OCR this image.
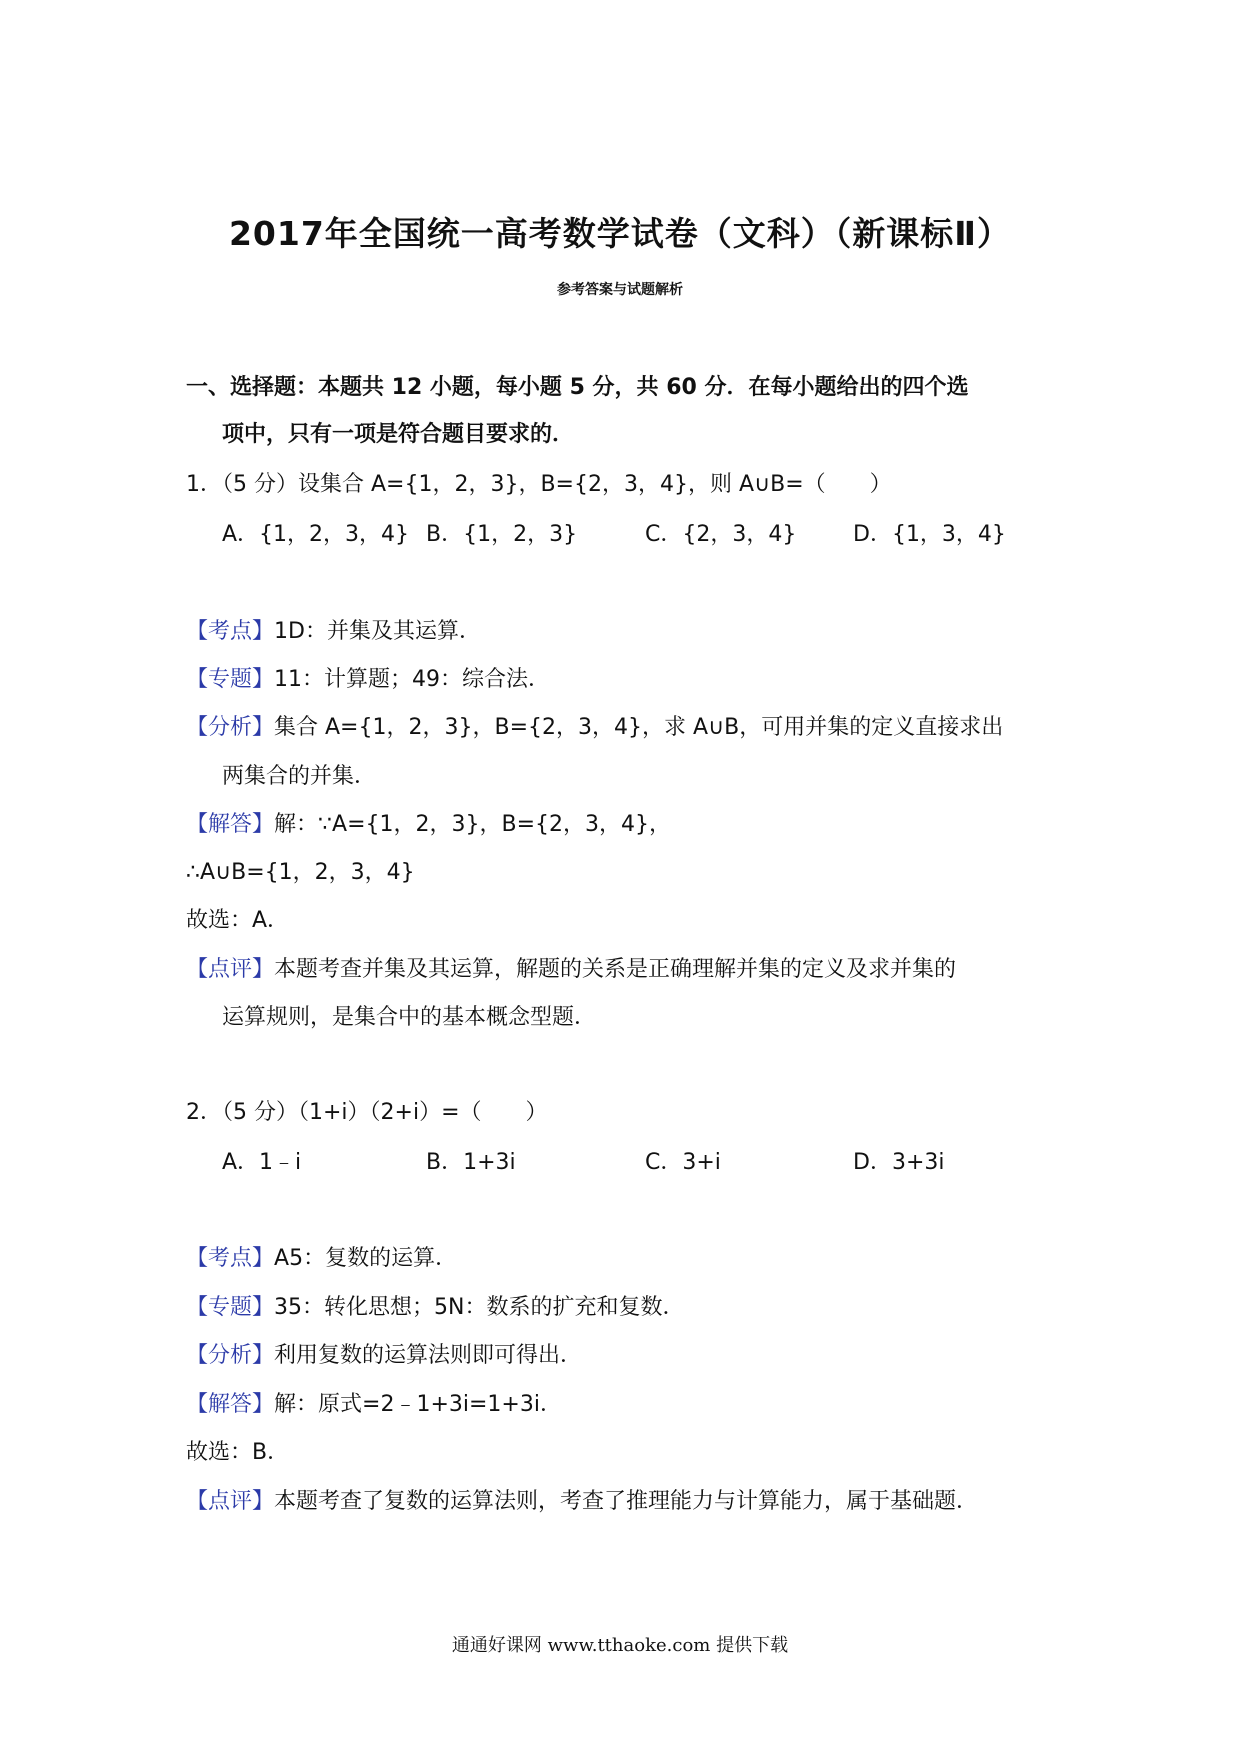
2017年全国统一高考数学试卷（文科）（新课标Ⅱ）
参考答案与试题解析
一、选择题：本题共 12 小题，每小题 5 分，共 60 分．在每小题给出的四个选
项中，只有一项是符合题目要求的．
1．（5 分）设集合 A={1，2，3}，B={2，3，4}，则 A∪B=（　　）
A．{1，2，3，4} B．{1，2，3}	C．{2，3，4}	D．{1，3，4}
【考点】1D：并集及其运算．
【专题】11：计算题；49：综合法．
【分析】集合 A={1，2，3}，B={2，3，4}，求 A∪B，可用并集的定义直接求出
两集合的并集．
【解答】解：∵A={1，2，3}，B={2，3，4}，
∴A∪B={1，2，3，4}
故选：A．
【点评】本题考查并集及其运算，解题的关系是正确理解并集的定义及求并集的
运算规则，是集合中的基本概念型题．
2．（5 分）（1+i）（2+i）=（　　）
A．1﹣i	B．1+3i	C．3+i	D．3+3i
【考点】A5：复数的运算．
【专题】35：转化思想；5N：数系的扩充和复数．
【分析】利用复数的运算法则即可得出．
【解答】解：原式=2﹣1+3i=1+3i．
故选：B．
【点评】本题考查了复数的运算法则，考查了推理能力与计算能力，属于基础题．
通通好课网 www.tthaoke.com 提供下载
